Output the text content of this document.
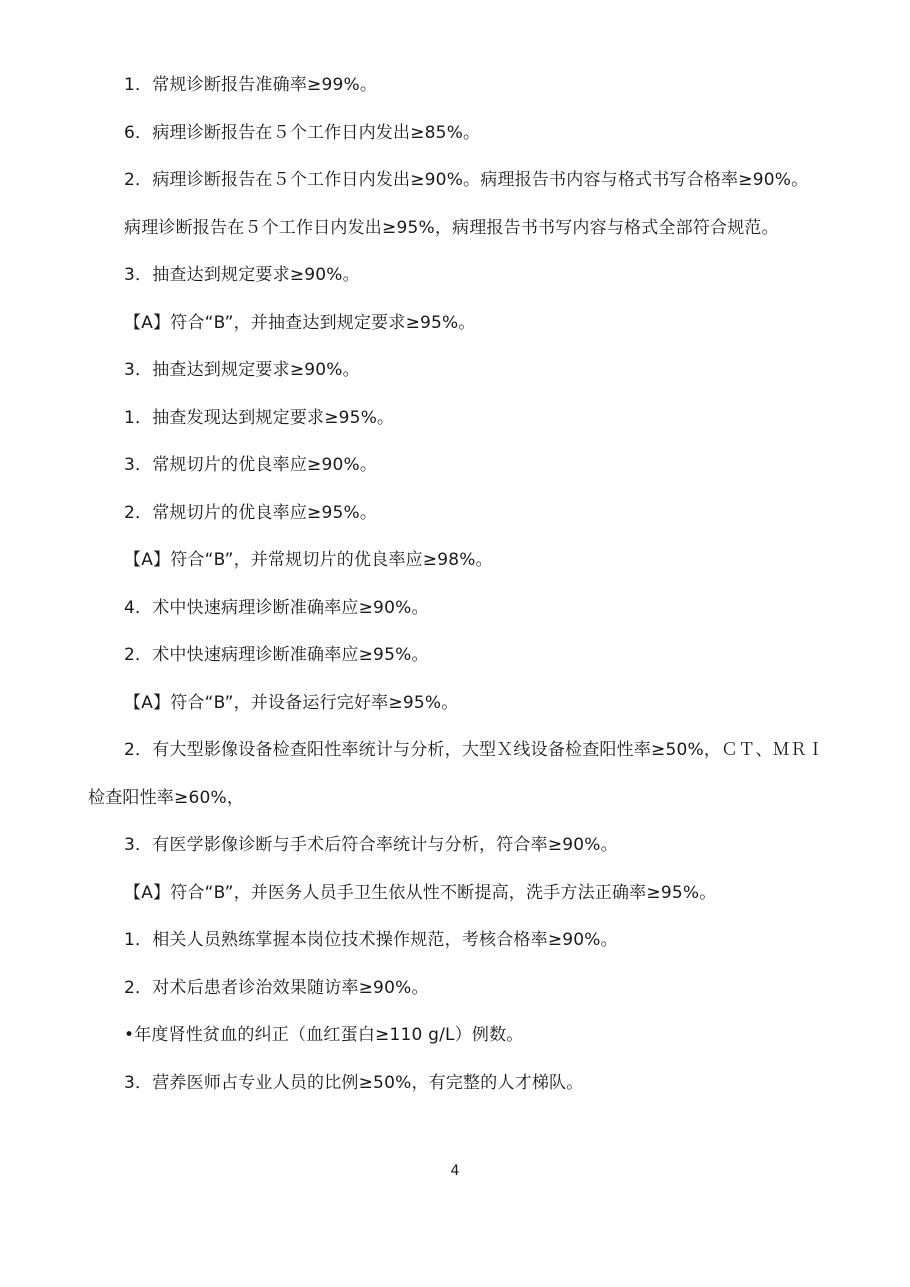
1．常规诊断报告准确率≥99%。

6．病理诊断报告在５个工作日内发出≥85%。

2．病理诊断报告在５个工作日内发出≥90%。病理报告书内容与格式书写合格率≥90%。

病理诊断报告在５个工作日内发出≥95%，病理报告书书写内容与格式全部符合规范。

3．抽查达到规定要求≥90%。

【A】符合“B”，并抽查达到规定要求≥95%。

3．抽查达到规定要求≥90%。

1．抽查发现达到规定要求≥95%。

3．常规切片的优良率应≥90%。

2．常规切片的优良率应≥95%。

【A】符合“B”，并常规切片的优良率应≥98%。

4．术中快速病理诊断准确率应≥90%。

2．术中快速病理诊断准确率应≥95%。

【A】符合“B”，并设备运行完好率≥95%。

2．有大型影像设备检查阳性率统计与分析，大型Ｘ线设备检查阳性率≥50%，ＣＴ、ＭＲＩ检查阳性率≥60%，

3．有医学影像诊断与手术后符合率统计与分析，符合率≥90%。

【A】符合“B”，并医务人员手卫生依从性不断提高，洗手方法正确率≥95%。

1．相关人员熟练掌握本岗位技术操作规范，考核合格率≥90%。

2．对术后患者诊治效果随访率≥90%。

•年度肾性贫血的纠正（血红蛋白≥110 g/L）例数。

3．营养医师占专业人员的比例≥50%，有完整的人才梯队。

4
